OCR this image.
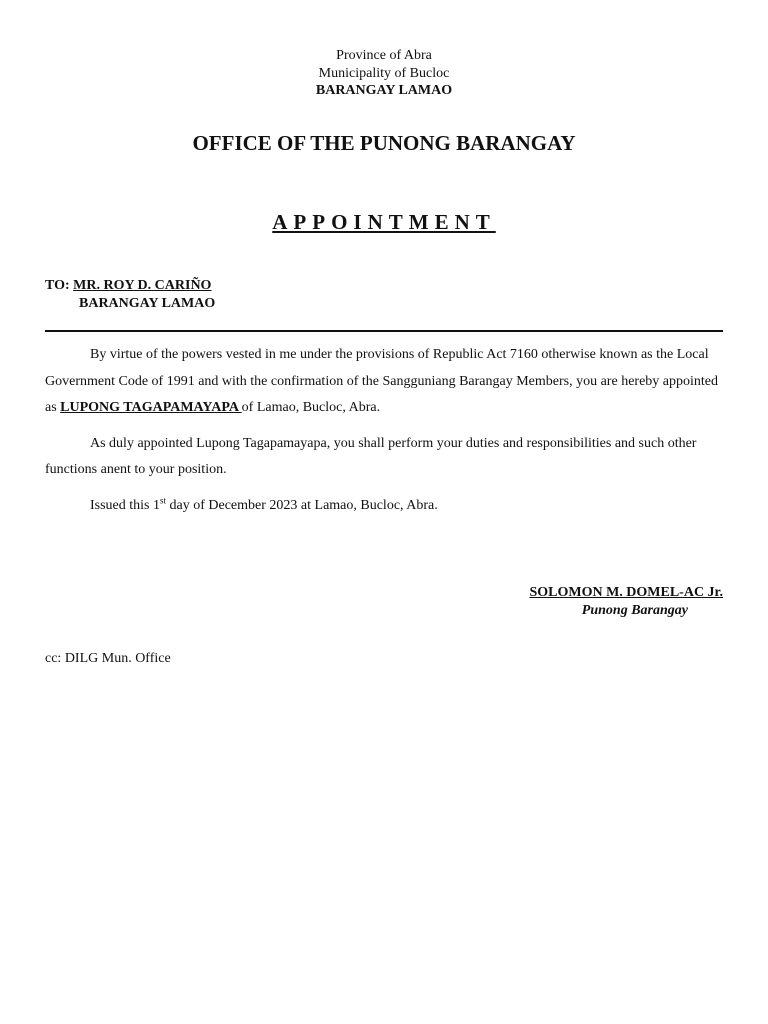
Province of Abra
Municipality of Bucloc
BARANGAY LAMAO
OFFICE OF THE PUNONG BARANGAY
APPOINTMENT
TO: MR. ROY D. CARIÑO
BARANGAY LAMAO

By virtue of the powers vested in me under the provisions of Republic Act 7160 otherwise known as the Local Government Code of 1991 and with the confirmation of the Sangguniang Barangay Members, you are hereby appointed as LUPONG TAGAPAMAYAPA of Lamao, Bucloc, Abra.

As duly appointed Lupong Tagapamayapa, you shall perform your duties and responsibilities and such other functions anent to your position.

Issued this 1st day of December 2023 at Lamao, Bucloc, Abra.

SOLOMON M. DOMEL-AC Jr.
Punong Barangay
cc: DILG Mun. Office
